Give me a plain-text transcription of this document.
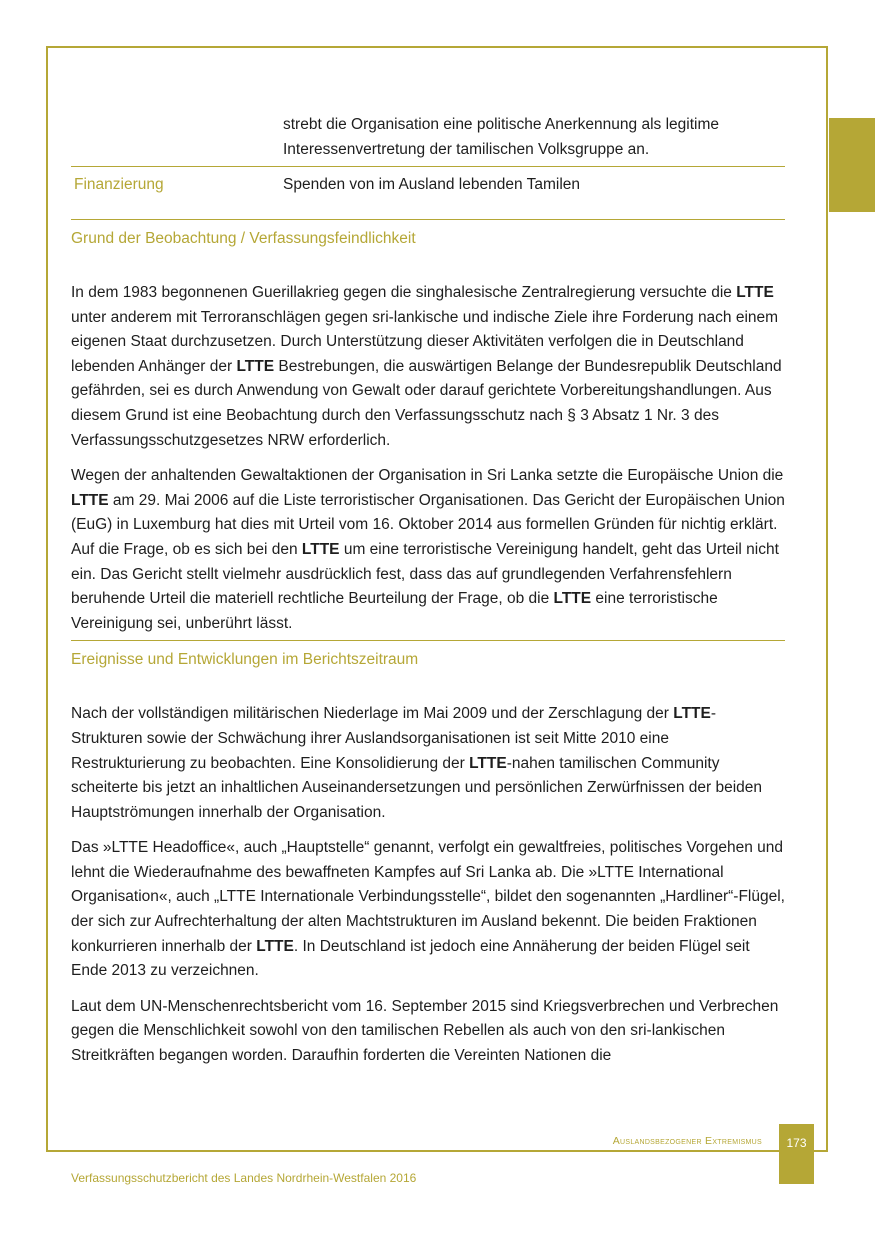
strebt die Organisation eine politische Anerkennung als legitime
Interessenvertretung der tamilischen Volksgruppe an.
Finanzierung	Spenden von im Ausland lebenden Tamilen
Grund der Beobachtung / Verfassungsfeindlichkeit

In dem 1983 begonnenen Guerillakrieg gegen die singhalesische Zentralregierung versuchte die LTTE unter anderem mit Terroranschlägen gegen sri-lankische und indische Ziele ihre Forderung nach einem eigenen Staat durchzusetzen. Durch Unterstützung dieser Aktivitäten verfolgen die in Deutschland lebenden Anhänger der LTTE Bestrebungen, die auswärtigen Belange der Bundesrepublik Deutschland gefährden, sei es durch Anwendung von Gewalt oder darauf gerichtete Vorbereitungshandlungen. Aus diesem Grund ist eine Beobachtung durch den Verfassungsschutz nach § 3 Absatz 1 Nr. 3 des Verfassungsschutzgesetzes NRW erforderlich.

Wegen der anhaltenden Gewaltaktionen der Organisation in Sri Lanka setzte die Europäische Union die LTTE am 29. Mai 2006 auf die Liste terroristischer Organisationen. Das Gericht der Europäischen Union (EuG) in Luxemburg hat dies mit Urteil vom 16. Oktober 2014 aus formellen Gründen für nichtig erklärt. Auf die Frage, ob es sich bei den LTTE um eine terroristische Vereinigung handelt, geht das Urteil nicht ein. Das Gericht stellt vielmehr ausdrücklich fest, dass das auf grundlegenden Verfahrensfehlern beruhende Urteil die materiell rechtliche Beurteilung der Frage, ob die LTTE eine terroristische Vereinigung sei, unberührt lässt.

Ereignisse und Entwicklungen im Berichtszeitraum

Nach der vollständigen militärischen Niederlage im Mai 2009 und der Zerschlagung der LTTE-Strukturen sowie der Schwächung ihrer Auslandsorganisationen ist seit Mitte 2010 eine Restrukturierung zu beobachten. Eine Konsolidierung der LTTE-nahen tamilischen Community scheiterte bis jetzt an inhaltlichen Auseinandersetzungen und persönlichen Zerwürfnissen der beiden Hauptströmungen innerhalb der Organisation.

Das »LTTE Headoffice«, auch „Hauptstelle“ genannt, verfolgt ein gewaltfreies, politisches Vorgehen und lehnt die Wiederaufnahme des bewaffneten Kampfes auf Sri Lanka ab. Die »LTTE International Organisation«, auch „LTTE Internationale Verbindungsstelle“, bildet den sogenannten „Hardliner“-Flügel, der sich zur Aufrechterhaltung der alten Machtstrukturen im Ausland bekennt. Die beiden Fraktionen konkurrieren innerhalb der LTTE. In Deutschland ist jedoch eine Annäherung der beiden Flügel seit Ende 2013 zu verzeichnen.

Laut dem UN-Menschenrechtsbericht vom 16. September 2015 sind Kriegsverbrechen und Verbrechen gegen die Menschlichkeit sowohl von den tamilischen Rebellen als auch von den sri-lankischen Streitkräften begangen worden. Daraufhin forderten die Vereinten Nationen die

Auslandsbezogener Extremismus	173
Verfassungsschutzbericht des Landes Nordrhein-Westfalen 2016
